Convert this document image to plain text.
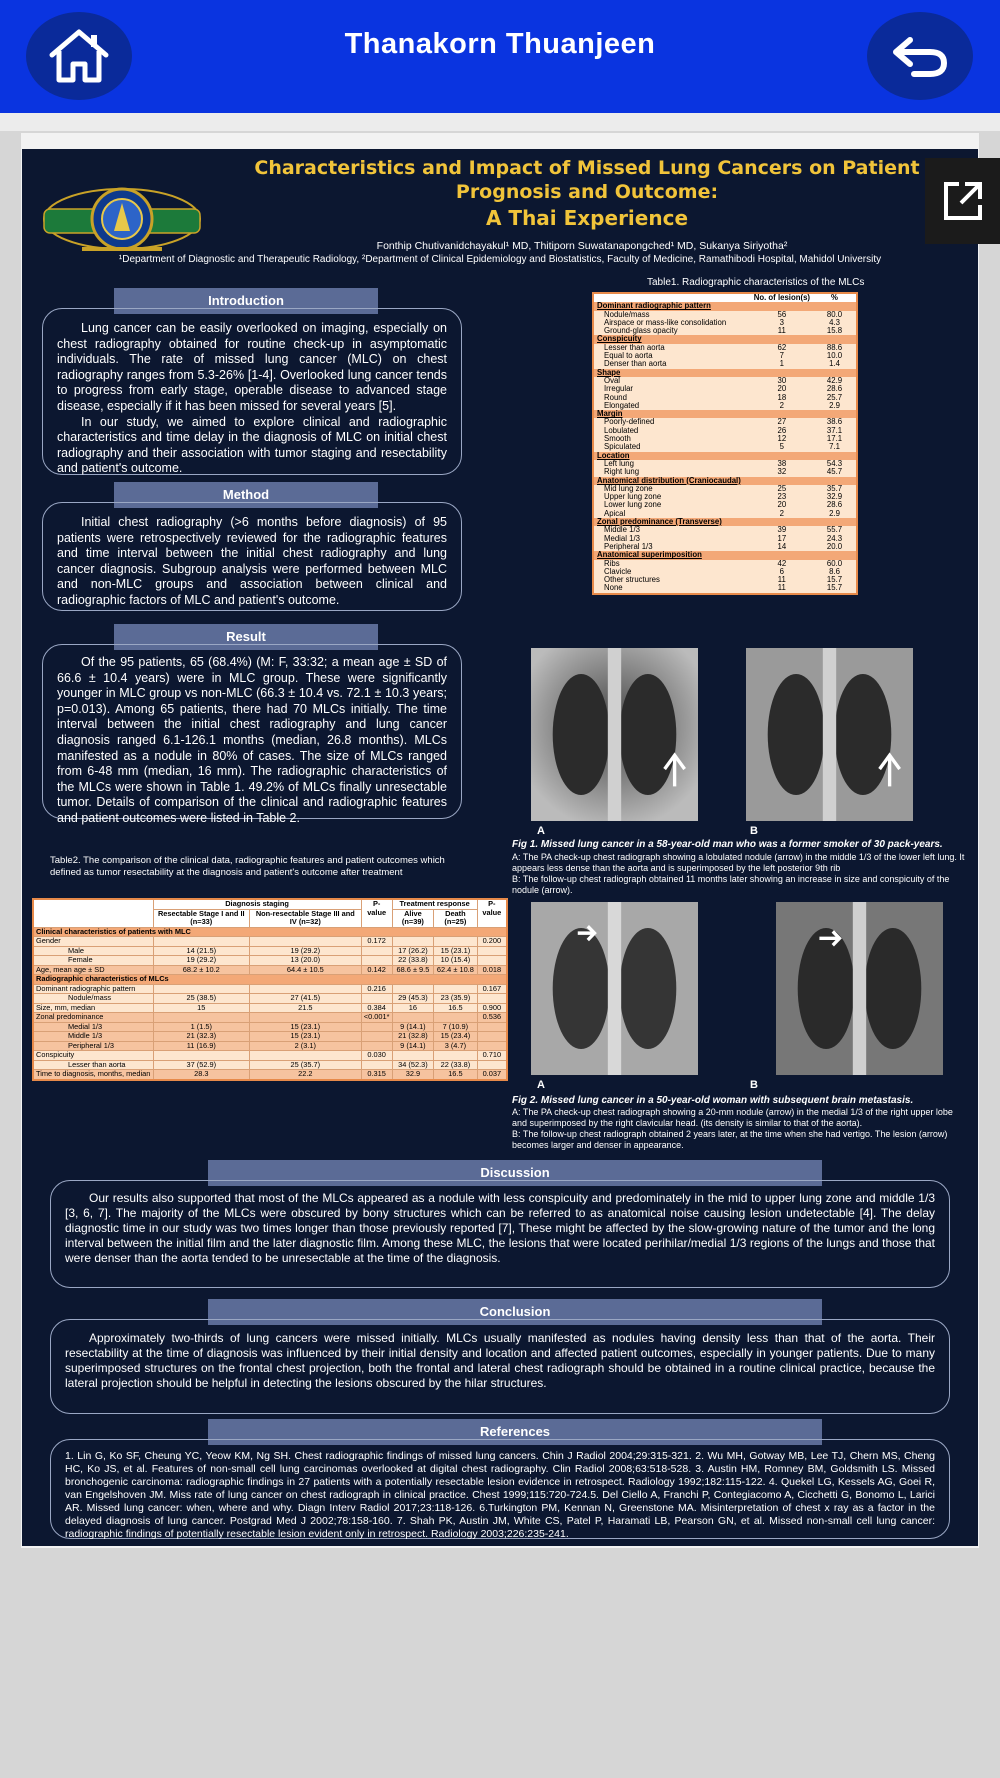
Thanakorn Thuanjeen
Characteristics and Impact of Missed Lung Cancers on Patient
Prognosis and Outcome:
A Thai Experience
Fonthip Chutivanidchayakul¹ MD, Thitiporn Suwatanapongched¹ MD, Sukanya Siriyotha²
¹Department of Diagnostic and Therapeutic Radiology, ²Department of Clinical Epidemiology and Biostatistics, Faculty of Medicine, Ramathibodi Hospital, Mahidol University
Introduction

Lung cancer can be easily overlooked on imaging, especially on chest radiography obtained for routine check-up in asymptomatic individuals. The rate of missed lung cancer (MLC) on chest radiography ranges from 5.3-26% [1-4]. Overlooked lung cancer tends to progress from early stage, operable disease to advanced stage disease, especially if it has been missed for several years [5].

In our study, we aimed to explore clinical and radiographic characteristics and time delay in the diagnosis of MLC on initial chest radiography and their association with tumor staging and resectability and patient's outcome.

Method

Initial chest radiography (>6 months before diagnosis) of 95 patients were retrospectively reviewed for the radiographic features and time interval between the initial chest radiography and lung cancer diagnosis. Subgroup analysis were performed between MLC and non-MLC groups and association between clinical and radiographic factors of MLC and patient's outcome.

Result

Of the 95 patients, 65 (68.4%) (M: F, 33:32; a mean age ± SD of 66.6 ± 10.4 years) were in MLC group. These were significantly younger in MLC group vs non-MLC (66.3 ± 10.4 vs. 72.1 ± 10.3 years; p=0.013). Among 65 patients, there had 70 MLCs initially. The time interval between the initial chest radiography and lung cancer diagnosis ranged 6.1-126.1 months (median, 26.8 months). MLCs manifested as a nodule in 80% of cases. The size of MLCs ranged from 6-48 mm (median, 16 mm). The radiographic characteristics of the MLCs were shown in Table 1. 49.2% of MLCs finally unresectable tumor. Details of comparison of the clinical and radiographic features and patient outcomes were listed in Table 2.

Table1. Radiographic characteristics of the MLCs
	No. of lesion(s)	%
Dominant radiographic pattern		
Nodule/mass	56	80.0
Airspace or mass-like consolidation	3	4.3
Ground-glass opacity	11	15.8
Conspicuity		
Lesser than aorta	62	88.6
Equal to aorta	7	10.0
Denser than aorta	1	1.4
Shape		
Oval	30	42.9
Irregular	20	28.6
Round	18	25.7
Elongated	2	2.9
Margin		
Poorly-defined	27	38.6
Lobulated	26	37.1
Smooth	12	17.1
Spiculated	5	7.1
Location		
Left lung	38	54.3
Right lung	32	45.7
Anatomical distribution (Craniocaudal)		
Mid lung zone	25	35.7
Upper lung zone	23	32.9
Lower lung zone	20	28.6
Apical	2	2.9
Zonal predominance (Transverse)		
Middle 1/3	39	55.7
Medial 1/3	17	24.3
Peripheral 1/3	14	20.0
Anatomical superimposition		
Ribs	42	60.0
Clavicle	6	8.6
Other structures	11	15.7
None	11	15.7
Table2. The comparison of the clinical data, radiographic features and patient outcomes which defined as tumor resectability at the diagnosis and patient's outcome after treatment
	Diagnosis staging		P-value	Treatment response		P-value
	Resectable Stage I and II (n=33)	Non-resectable Stage III and IV (n=32)		Alive (n=39)	Death (n=25)	
Clinical characteristics of patients with MLC						
Gender			0.172			0.200
Male	14 (21.5)	19 (29.2)		17 (26.2)	15 (23.1)	
Female	19 (29.2)	13 (20.0)		22 (33.8)	10 (15.4)	
Age, mean age ± SD	68.2 ± 10.2	64.4 ± 10.5	0.142	68.6 ± 9.5	62.4 ± 10.8	0.018
Radiographic characteristics of MLCs						
Dominant radiographic pattern			0.216			0.167
Nodule/mass	25 (38.5)	27 (41.5)		29 (45.3)	23 (35.9)	
Size, mm, median	15	21.5	0.384	16	16.5	0.900
Zonal predominance			<0.001*			0.536
Medial 1/3	1 (1.5)	15 (23.1)		9 (14.1)	7 (10.9)	
Middle 1/3	21 (32.3)	15 (23.1)		21 (32.8)	15 (23.4)	
Peripheral 1/3	11 (16.9)	2 (3.1)		9 (14.1)	3 (4.7)	
Conspicuity			0.030			0.710
Lesser than aorta	37 (52.9)	25 (35.7)		34 (52.3)	22 (33.8)	
Time to diagnosis, months, median	28.3	22.2	0.315	32.9	16.5	0.037
A	B
Fig 1. Missed lung cancer in a 58-year-old man who was a former smoker of 30 pack-years.
A: The PA check-up chest radiograph showing a lobulated nodule (arrow) in the middle 1/3 of the lower left lung. It appears less dense than the aorta and is superimposed by the left posterior 9th rib
B: The follow-up chest radiograph obtained 11 months later showing an increase in size and conspicuity of the nodule (arrow).
A	B
Fig 2. Missed lung cancer in a 50-year-old woman with subsequent brain metastasis.
A: The PA check-up chest radiograph showing a 20-mm nodule (arrow) in the medial 1/3 of the right upper lobe and superimposed by the right clavicular head. (its density is similar to that of the aorta).
B: The follow-up chest radiograph obtained 2 years later, at the time when she had vertigo. The lesion (arrow) becomes larger and denser in appearance.
Discussion

Our results also supported that most of the MLCs appeared as a nodule with less conspicuity and predominately in the mid to upper lung zone and middle 1/3 [3, 6, 7]. The majority of the MLCs were obscured by bony structures which can be referred to as anatomical noise causing lesion undetectable [4]. The delay diagnostic time in our study was two times longer than those previously reported [7], These might be affected by the slow-growing nature of the tumor and the long interval between the initial film and the later diagnostic film. Among these MLC, the lesions that were located perihilar/medial 1/3 regions of the lungs and those that were denser than the aorta tended to be unresectable at the time of the diagnosis.

Conclusion

Approximately two-thirds of lung cancers were missed initially. MLCs usually manifested as nodules having density less than that of the aorta. Their resectability at the time of diagnosis was influenced by their initial density and location and affected patient outcomes, especially in younger patients. Due to many superimposed structures on the frontal chest projection, both the frontal and lateral chest radiograph should be obtained in a routine clinical practice, because the lateral projection should be helpful in detecting the lesions obscured by the hilar structures.

References
1. Lin G, Ko SF, Cheung YC, Yeow KM, Ng SH. Chest radiographic findings of missed lung cancers. Chin J Radiol 2004;29:315-321. 2. Wu MH, Gotway MB, Lee TJ, Chern MS, Cheng HC, Ko JS, et al. Features of non-small cell lung carcinomas overlooked at digital chest radiography. Clin Radiol 2008;63:518-528. 3. Austin HM, Romney BM, Goldsmith LS. Missed bronchogenic carcinoma: radiographic findings in 27 patients with a potentially resectable lesion evidence in retrospect. Radiology 1992;182:115-122. 4. Quekel LG, Kessels AG, Goei R, van Engelshoven JM. Miss rate of lung cancer on chest radiograph in clinical practice. Chest 1999;115:720-724.5. Del Ciello A, Franchi P, Contegiacomo A, Cicchetti G, Bonomo L, Larici AR. Missed lung cancer: when, where and why. Diagn Interv Radiol 2017;23:118-126. 6.Turkington PM, Kennan N, Greenstone MA. Misinterpretation of chest x ray as a factor in the delayed diagnosis of lung cancer. Postgrad Med J 2002;78:158-160. 7. Shah PK, Austin JM, White CS, Patel P, Haramati LB, Pearson GN, et al. Missed non-small cell lung cancer: radiographic findings of potentially resectable lesion evident only in retrospect. Radiology 2003;226:235-241.
